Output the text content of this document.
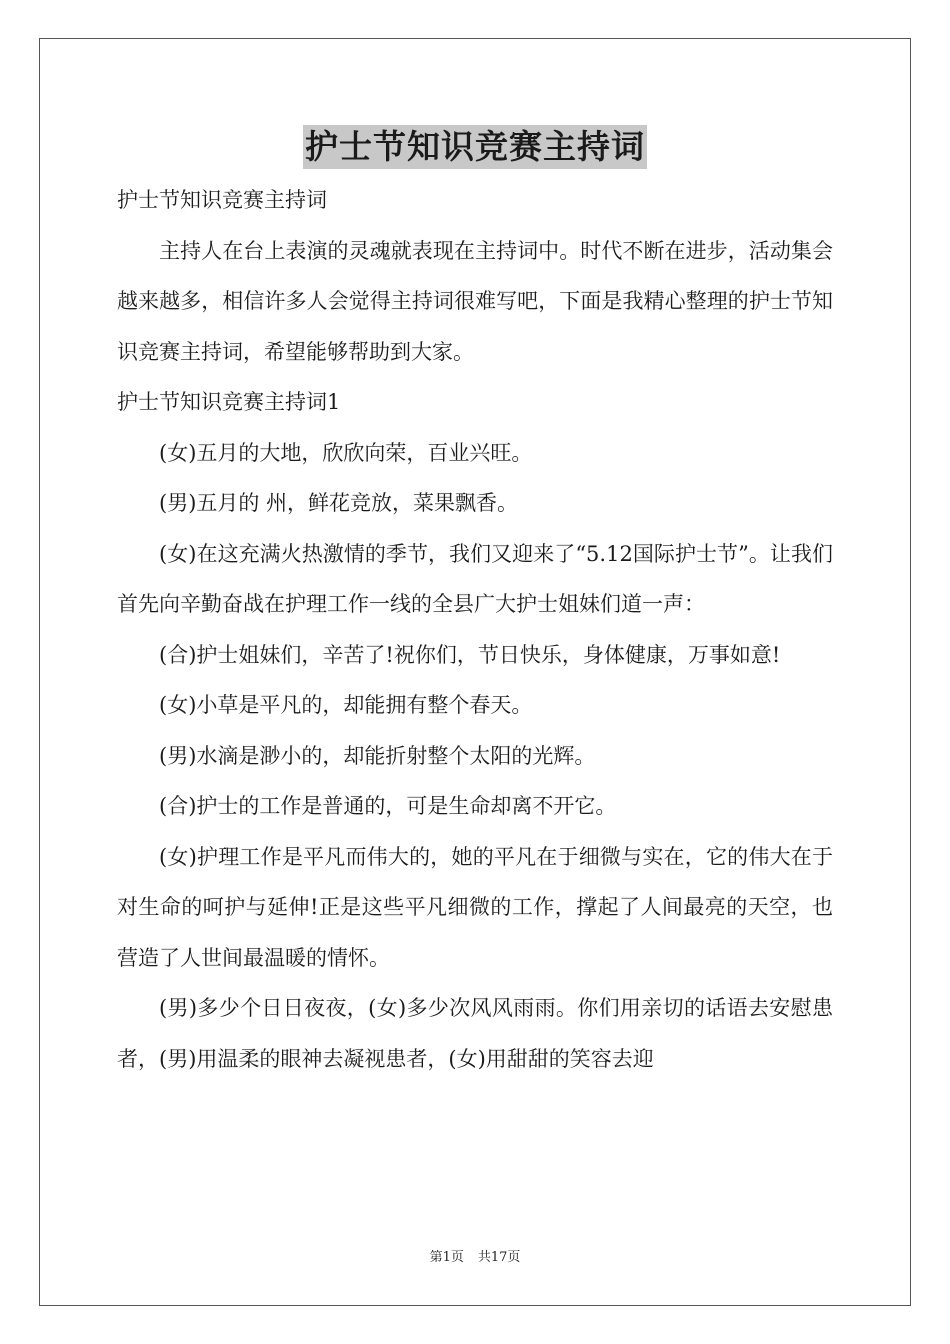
护士节知识竞赛主持词

护士节知识竞赛主持词

主持人在台上表演的灵魂就表现在主持词中。时代不断在进步，活动集会越来越多，相信许多人会觉得主持词很难写吧，下面是我精心整理的护士节知识竞赛主持词，希望能够帮助到大家。

护士节知识竞赛主持词1

(女)五月的大地，欣欣向荣，百业兴旺。

(男)五月的 州，鲜花竞放，菜果飘香。

(女)在这充满火热激情的季节，我们又迎来了“5.12国际护士节”。让我们首先向辛勤奋战在护理工作一线的全县广大护士姐妹们道一声：

(合)护士姐妹们，辛苦了!祝你们，节日快乐，身体健康，万事如意!

(女)小草是平凡的，却能拥有整个春天。

(男)水滴是渺小的，却能折射整个太阳的光辉。

(合)护士的工作是普通的，可是生命却离不开它。

(女)护理工作是平凡而伟大的，她的平凡在于细微与实在，它的伟大在于对生命的呵护与延伸!正是这些平凡细微的工作，撑起了人间最亮的天空，也营造了人世间最温暖的情怀。

(男)多少个日日夜夜，(女)多少次风风雨雨。你们用亲切的话语去安慰患者，(男)用温柔的眼神去凝视患者，(女)用甜甜的笑容去迎

第1页 共17页
